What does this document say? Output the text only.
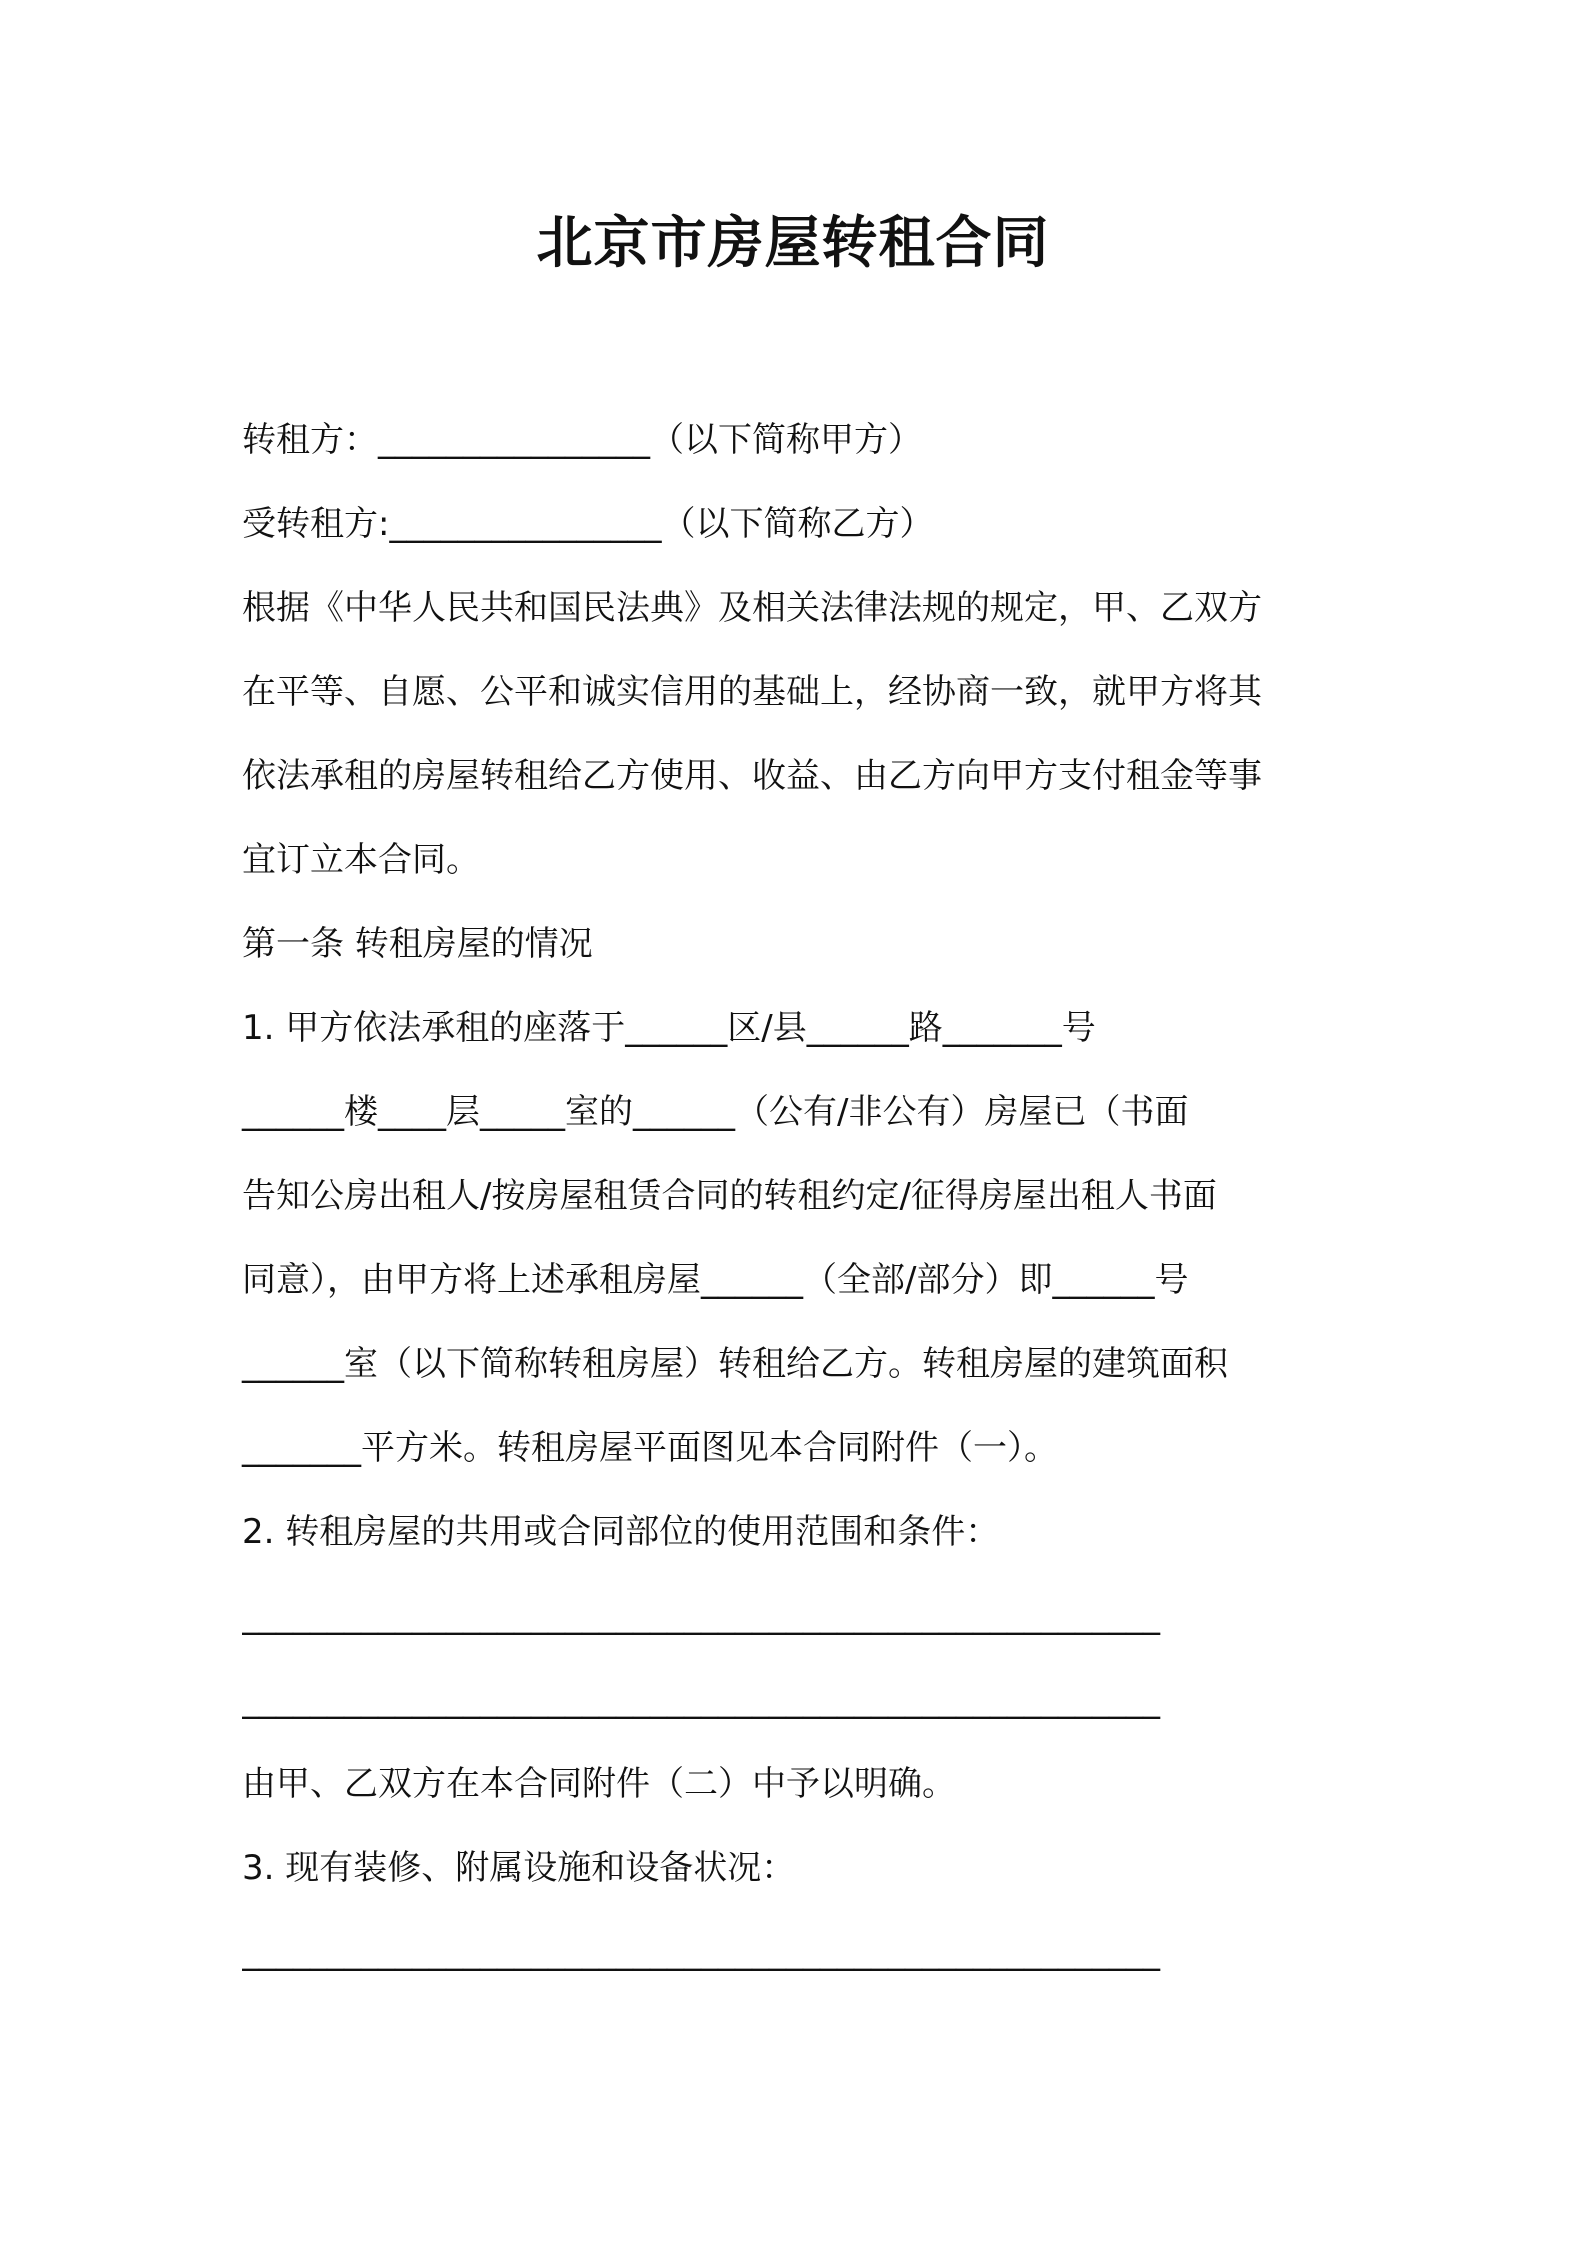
北京市房屋转租合同

转租方：________________（以下简称甲方）

受转租方:________________（以下简称乙方）

根据《中华人民共和国民法典》及相关法律法规的规定，甲、乙双方

在平等、自愿、公平和诚实信用的基础上，经协商一致，就甲方将其

依法承租的房屋转租给乙方使用、收益、由乙方向甲方支付租金等事

宜订立本合同。

第一条 转租房屋的情况

1. 甲方依法承租的座落于______区/县______路_______号

______楼____层_____室的______（公有/非公有）房屋已（书面

告知公房出租人/按房屋租赁合同的转租约定/征得房屋出租人书面

同意），由甲方将上述承租房屋______（全部/部分）即______号

______室（以下简称转租房屋）转租给乙方。转租房屋的建筑面积

_______平方米。转租房屋平面图见本合同附件（一）。

2. 转租房屋的共用或合同部位的使用范围和条件：

______________________________________________________

______________________________________________________

由甲、乙双方在本合同附件（二）中予以明确。

3. 现有装修、附属设施和设备状况：

______________________________________________________
